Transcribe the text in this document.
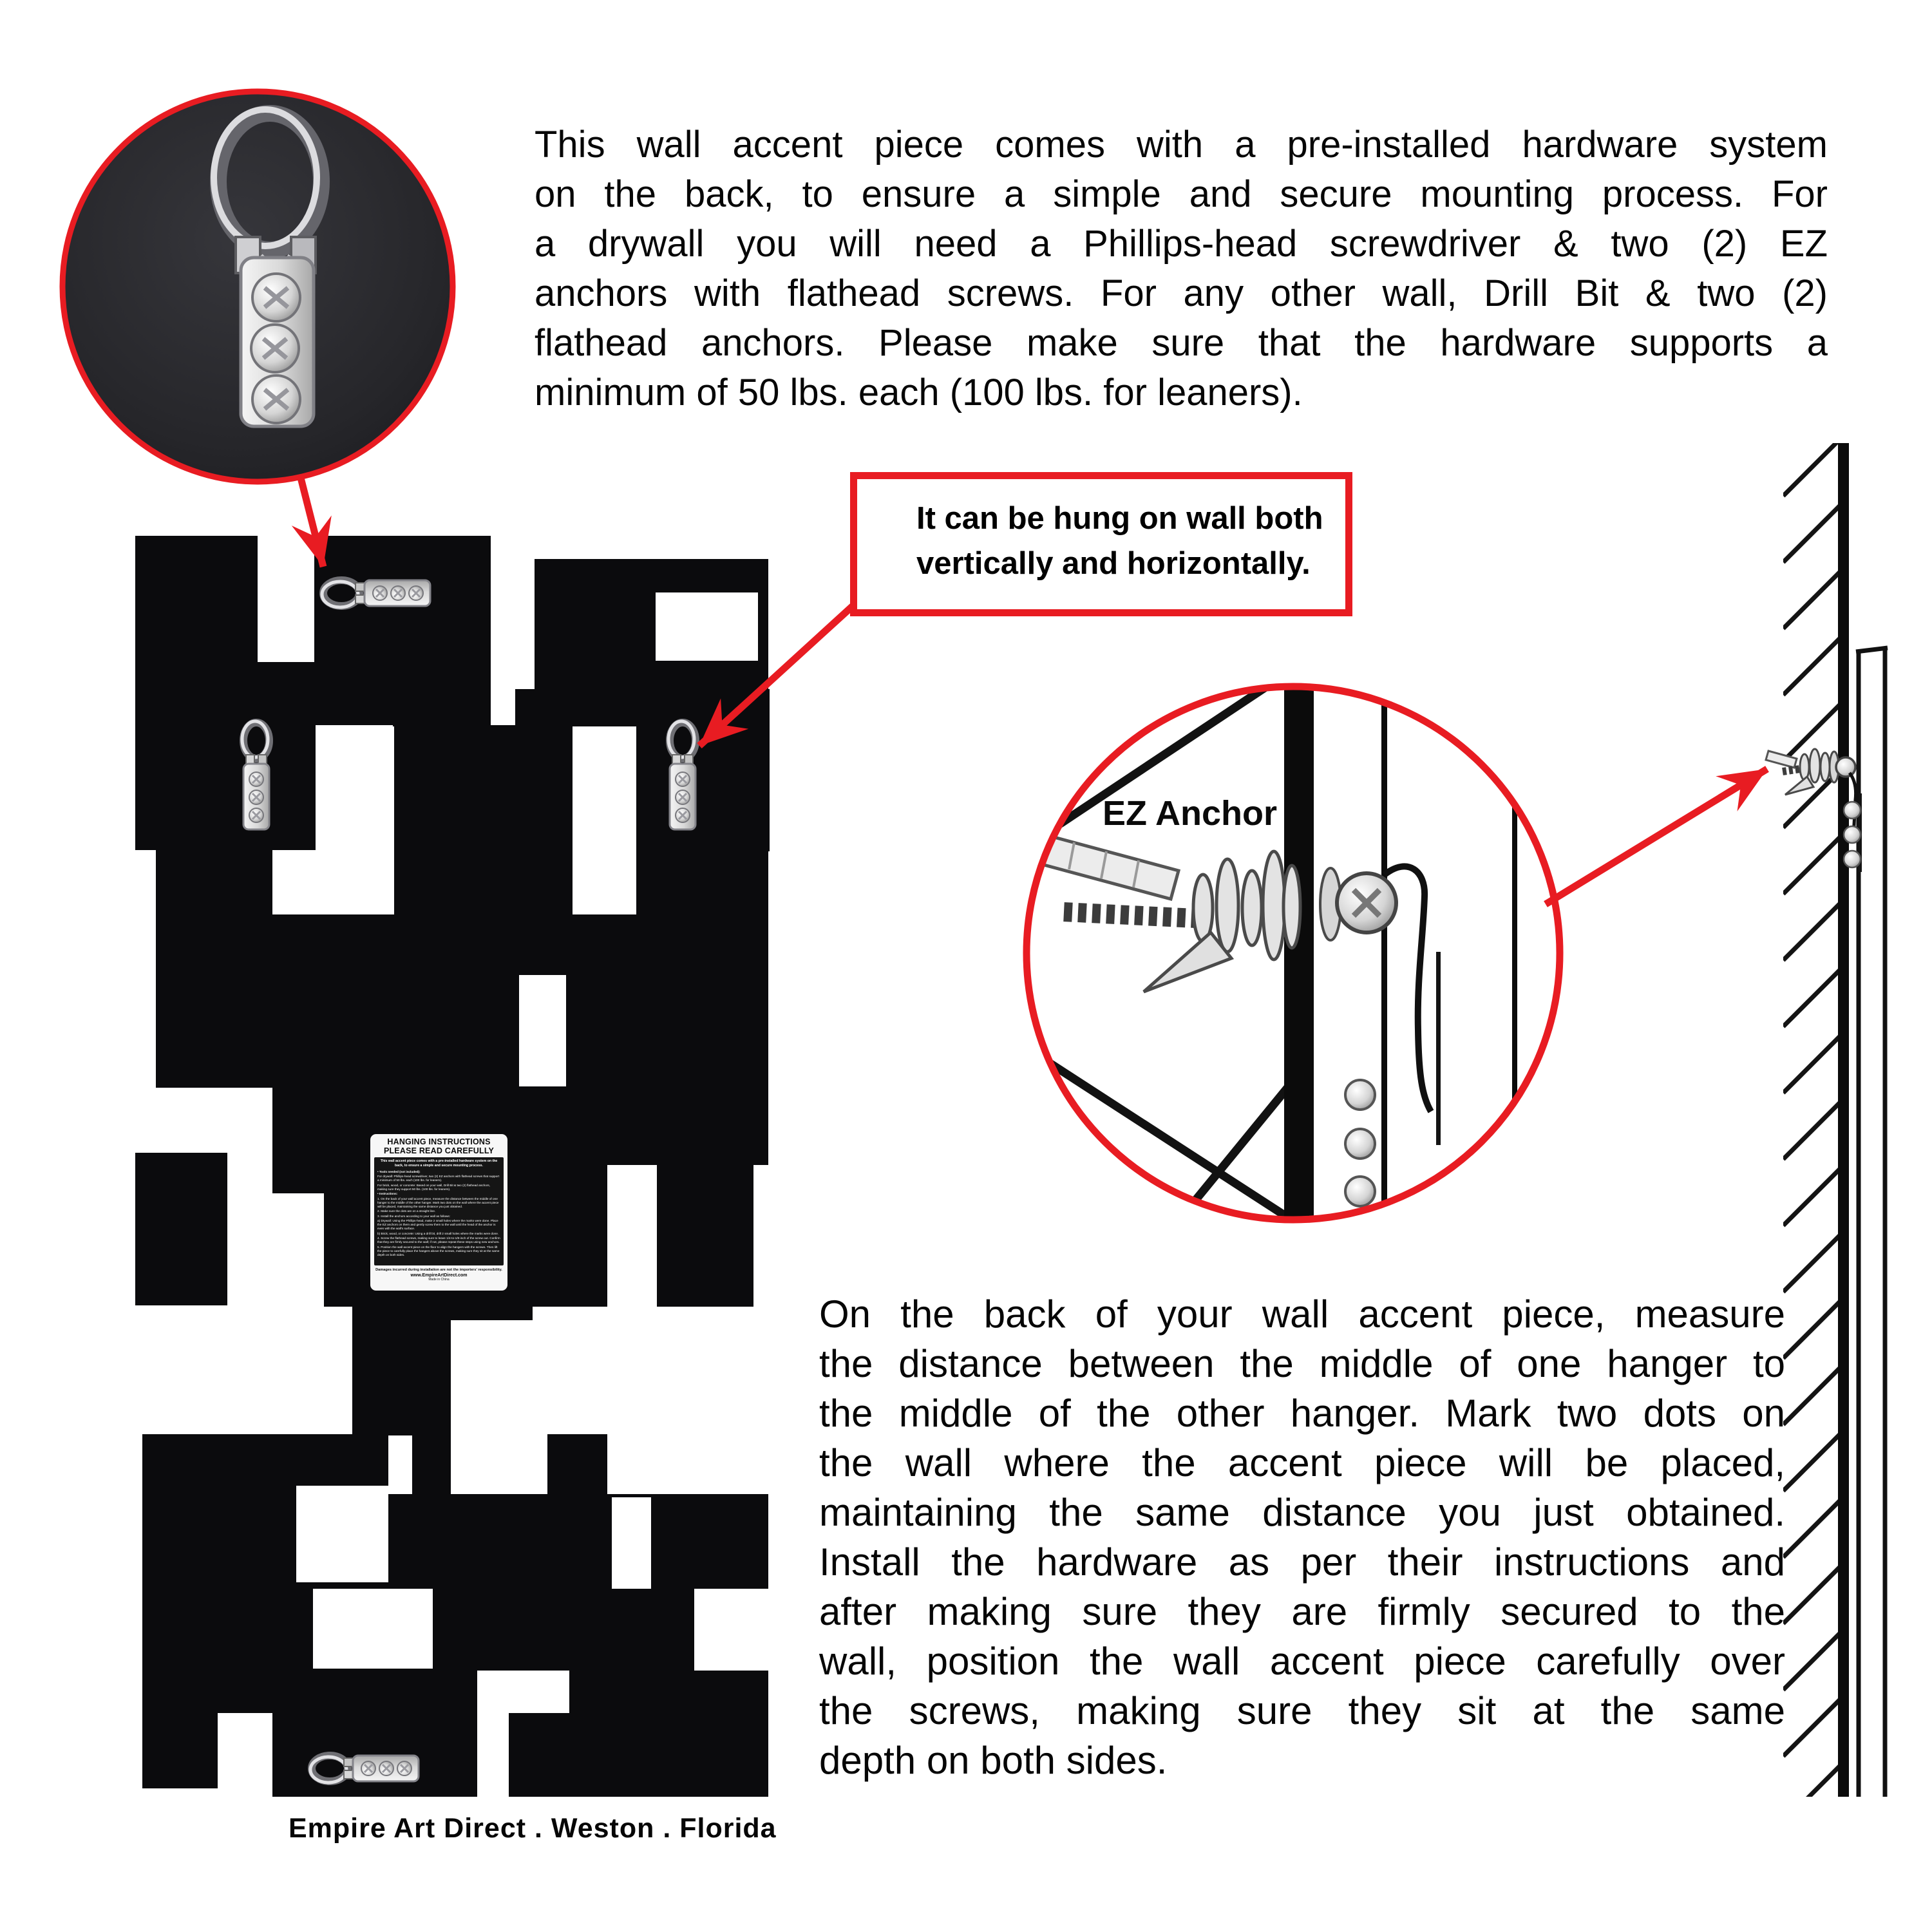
This wall accent piece comes with a pre-installed hardware system
on the back, to ensure a simple and secure mounting process. For
a drywall you will need a Phillips-head screwdriver & two (2) EZ
anchors with flathead screws. For any other wall, Drill Bit & two (2)
flathead anchors. Please make sure that the hardware supports a
minimum of 50 lbs. each (100 lbs. for leaners).
It can be hung on wall both
vertically and horizontally.
EZ Anchor
On the back of your wall accent piece, measure
the distance between the middle of one hanger to
the middle of the other hanger. Mark two dots on
the wall where the accent piece will be placed,
maintaining the same distance you just obtained.
Install the hardware as per their instructions and
after making sure they are firmly secured to the
wall, position the wall accent piece carefully over
the screws, making sure they sit at the same
depth on both sides.
Empire Art Direct . Weston . Florida
HANGING INSTRUCTIONS
PLEASE READ CAREFULLY
This wall accent piece comes with a pre-installed hardware system on the back, to ensure a simple and secure mounting process.
• Tools needed (not included):
For drywall: Phillips-head screwdriver, two (2) EZ anchors with flathead screws that support a minimum of 50 lbs. each (100 lbs. for leaners).
For brick, wood, or concrete: Based on your wall, Drill Bit & two (2) flathead anchors, making sure they support 50 lbs. (100 lbs. for leaners).
• Instructions:
1. On the back of your wall accent piece, measure the distance between the middle of one hanger to the middle of the other hanger. Mark two dots on the wall where the accent piece will be placed, maintaining the same distance you just obtained.
2. Make sure the dots are on a straight line.
3. Install the anchors according to your wall as follows:
a) Drywall: Using the Phillips-head, make 2 small holes where the marks were done. Place the EZ anchors on them and gently screw them to the wall until the head of the anchor is even with the wall's surface.
b) Brick, wood, or concrete: Using a drill bit, drill 2 small holes where the marks were done.
4. Screw the flathead screws, making sure to leave 1/4-to-1/8-inch of the screw out. Confirm that they are firmly secured to the wall; if not, please repeat these steps using new anchors.
5. Position the wall accent piece on the floor to align the hangers with the screws. Then lift the piece to carefully place the hangers above the screws, making sure they sit at the same depth on both sides.
Damages incurred during installation are not the importers' responsibility.
www.EmpireArtDirect.com
Made in China
